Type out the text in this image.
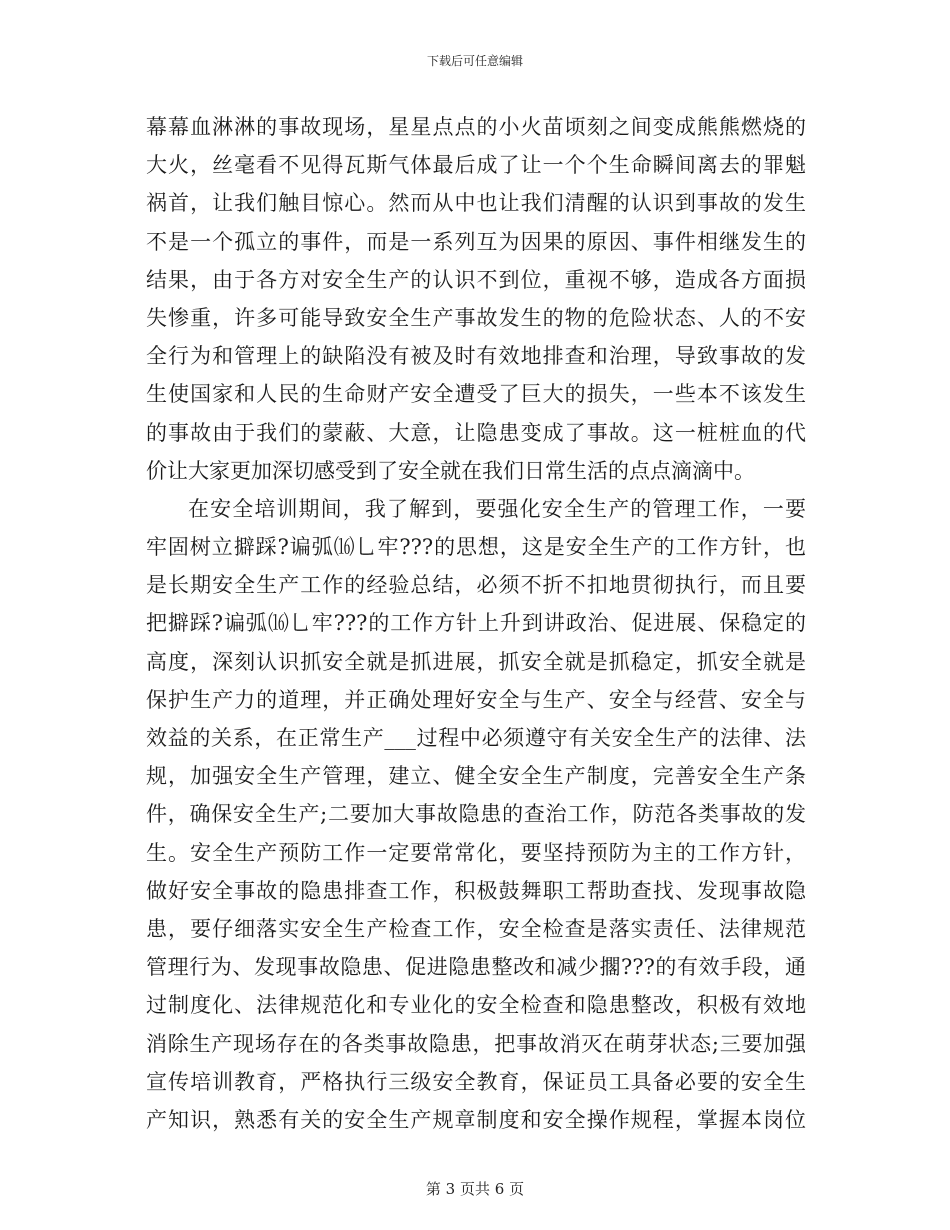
下载后可任意编辑
幕幕血淋淋的事故现场，星星点点的小火苗顷刻之间变成熊熊燃烧的
大火，丝毫看不见得瓦斯气体最后成了让一个个生命瞬间离去的罪魁
祸首，让我们触目惊心。然而从中也让我们清醒的认识到事故的发生
不是一个孤立的事件，而是一系列互为因果的原因、事件相继发生的
结果，由于各方对安全生产的认识不到位，重视不够，造成各方面损
失惨重，许多可能导致安全生产事故发生的物的危险状态、人的不安
全行为和管理上的缺陷没有被及时有效地排查和治理，导致事故的发
生使国家和人民的生命财产安全遭受了巨大的损失，一些本不该发生
的事故由于我们的蒙蔽、大意，让隐患变成了事故。这一桩桩血的代
价让大家更加深切感受到了安全就在我们日常生活的点点滴滴中。
在安全培训期间，我了解到，要强化安全生产的管理工作，一要
牢固树立擗踩?谝弧⒃乚牢???的思想，这是安全生产的工作方针，也
是长期安全生产工作的经验总结，必须不折不扣地贯彻执行，而且要
把擗踩?谝弧⒃乚牢???的工作方针上升到讲政治、促进展、保稳定的
高度，深刻认识抓安全就是抓进展，抓安全就是抓稳定，抓安全就是
保护生产力的道理，并正确处理好安全与生产、安全与经营、安全与
效益的关系，在正常生产___过程中必须遵守有关安全生产的法律、法
规，加强安全生产管理，建立、健全安全生产制度，完善安全生产条
件，确保安全生产;二要加大事故隐患的查治工作，防范各类事故的发
生。安全生产预防工作一定要常常化，要坚持预防为主的工作方针，
做好安全事故的隐患排查工作，积极鼓舞职工帮助查找、发现事故隐
患，要仔细落实安全生产检查工作，安全检查是落实责任、法律规范
管理行为、发现事故隐患、促进隐患整改和减少擱???的有效手段，通
过制度化、法律规范化和专业化的安全检查和隐患整改，积极有效地
消除生产现场存在的各类事故隐患，把事故消灭在萌芽状态;三要加强
宣传培训教育，严格执行三级安全教育，保证员工具备必要的安全生
产知识，熟悉有关的安全生产规章制度和安全操作规程，掌握本岗位
第 3 页共 6 页
